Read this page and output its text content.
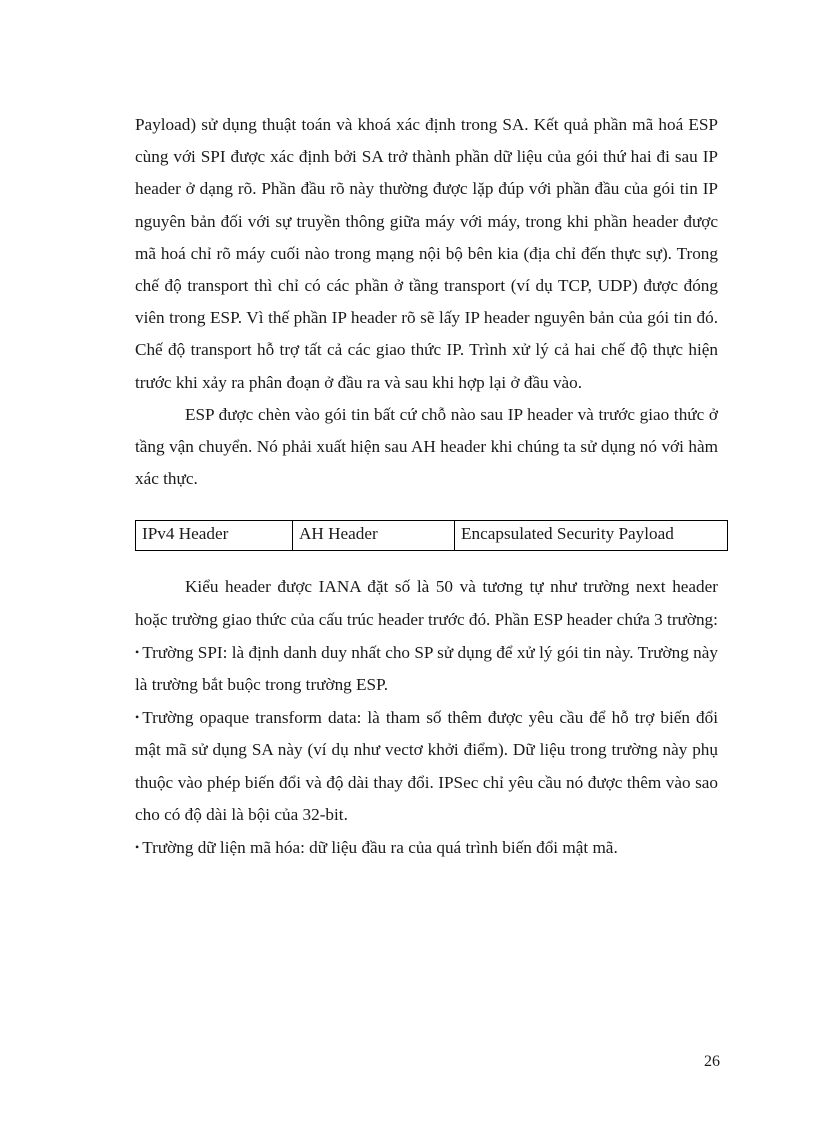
Payload) sử dụng thuật toán và khoá xác định trong SA. Kết quả phần mã hoá ESP cùng với SPI được xác định bởi SA trở thành phần dữ liệu của gói thứ hai đi sau IP header ở dạng rõ. Phần đầu rõ này thường được lặp đúp với phần đầu của gói tin IP nguyên bản đối với sự truyền thông giữa máy với máy, trong khi phần header được mã hoá chỉ rõ máy cuối nào trong mạng nội bộ bên kia (địa chỉ đến thực sự). Trong chế độ transport thì chỉ có các phần ở tầng transport (ví dụ TCP, UDP) được đóng viên trong ESP. Vì thế phần IP header rõ sẽ lấy IP header nguyên bản của gói tin đó. Chế độ transport hỗ trợ tất cả các giao thức IP. Trình xử lý cả hai chế độ thực hiện trước khi xảy ra phân đoạn ở đầu ra và sau khi hợp lại ở đầu vào.

ESP được chèn vào gói tin bất cứ chỗ nào sau IP header và trước giao thức ở tầng vận chuyển. Nó phải xuất hiện sau AH header khi chúng ta sử dụng nó với hàm xác thực.

IPv4 Header	AH Header	Encapsulated Security Payload

Kiểu header được IANA đặt số là 50 và tương tự như trường next header hoặc trường giao thức của cấu trúc header trước đó. Phần ESP header chứa 3 trường:

• Trường SPI: là định danh duy nhất cho SP sử dụng để xử lý gói tin này. Trường này là trường bắt buộc trong trường ESP.

• Trường opaque transform data: là tham số thêm được yêu cầu để hỗ trợ biến đổi mật mã sử dụng SA này (ví dụ như vectơ khởi điểm). Dữ liệu trong trường này phụ thuộc vào phép biến đổi và độ dài thay đổi. IPSec chỉ yêu cầu nó được thêm vào sao cho có độ dài là bội của 32-bit.

• Trường dữ liện mã hóa: dữ liệu đầu ra của quá trình biến đổi mật mã.

26
